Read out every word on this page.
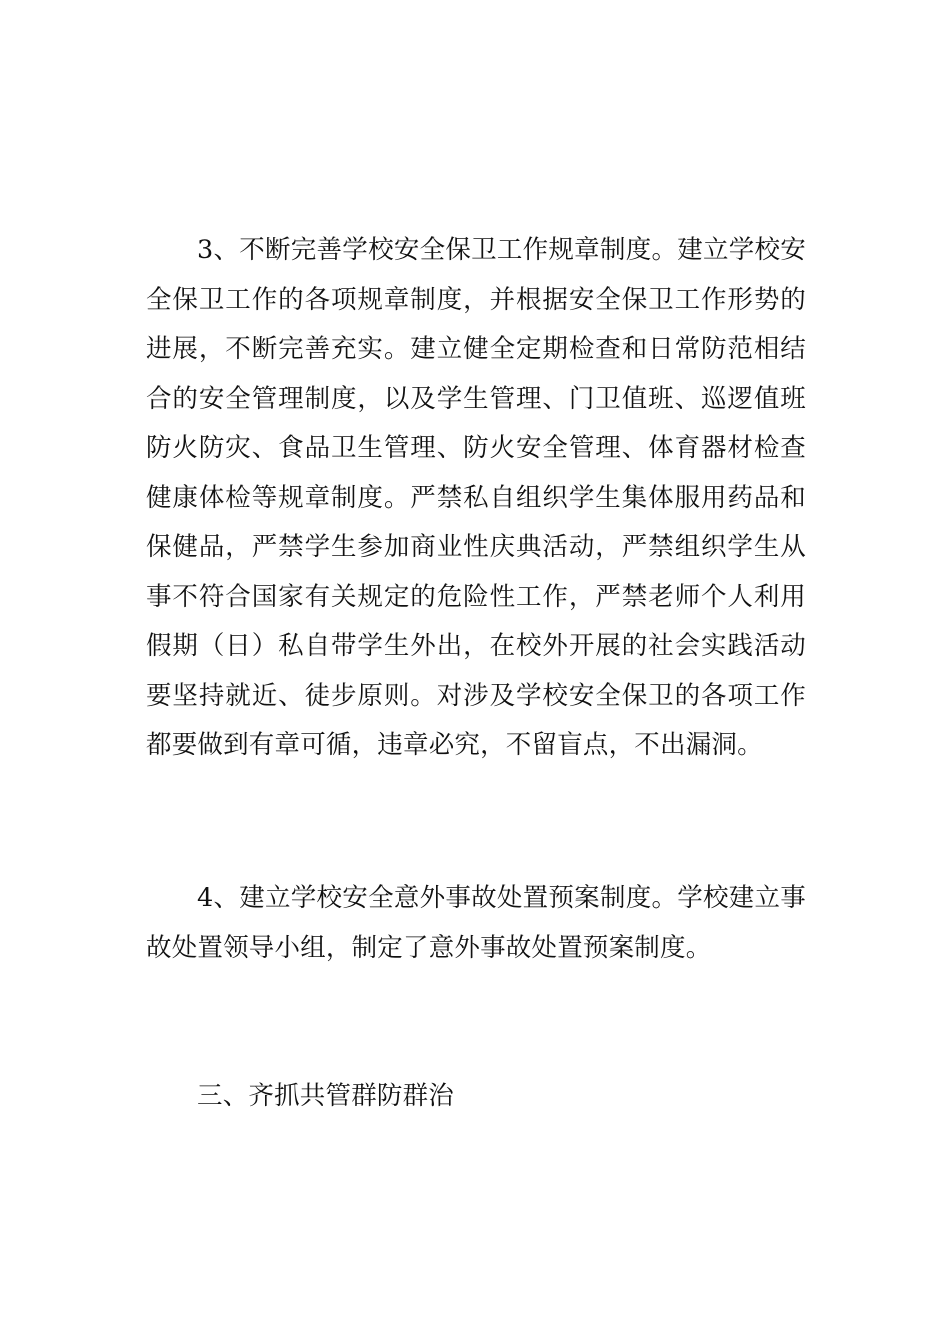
3、不断完善学校安全保卫工作规章制度。建立学校安全保卫工作的各项规章制度，并根据安全保卫工作形势的进展，不断完善充实。建立健全定期检查和日常防范相结合的安全管理制度，以及学生管理、门卫值班、巡逻值班防火防灾、食品卫生管理、防火安全管理、体育器材检查健康体检等规章制度。严禁私自组织学生集体服用药品和保健品，严禁学生参加商业性庆典活动，严禁组织学生从事不符合国家有关规定的危险性工作，严禁老师个人利用假期（日）私自带学生外出，在校外开展的社会实践活动要坚持就近、徒步原则。对涉及学校安全保卫的各项工作都要做到有章可循，违章必究，不留盲点，不出漏洞。

4、建立学校安全意外事故处置预案制度。学校建立事故处置领导小组，制定了意外事故处置预案制度。

三、齐抓共管群防群治
